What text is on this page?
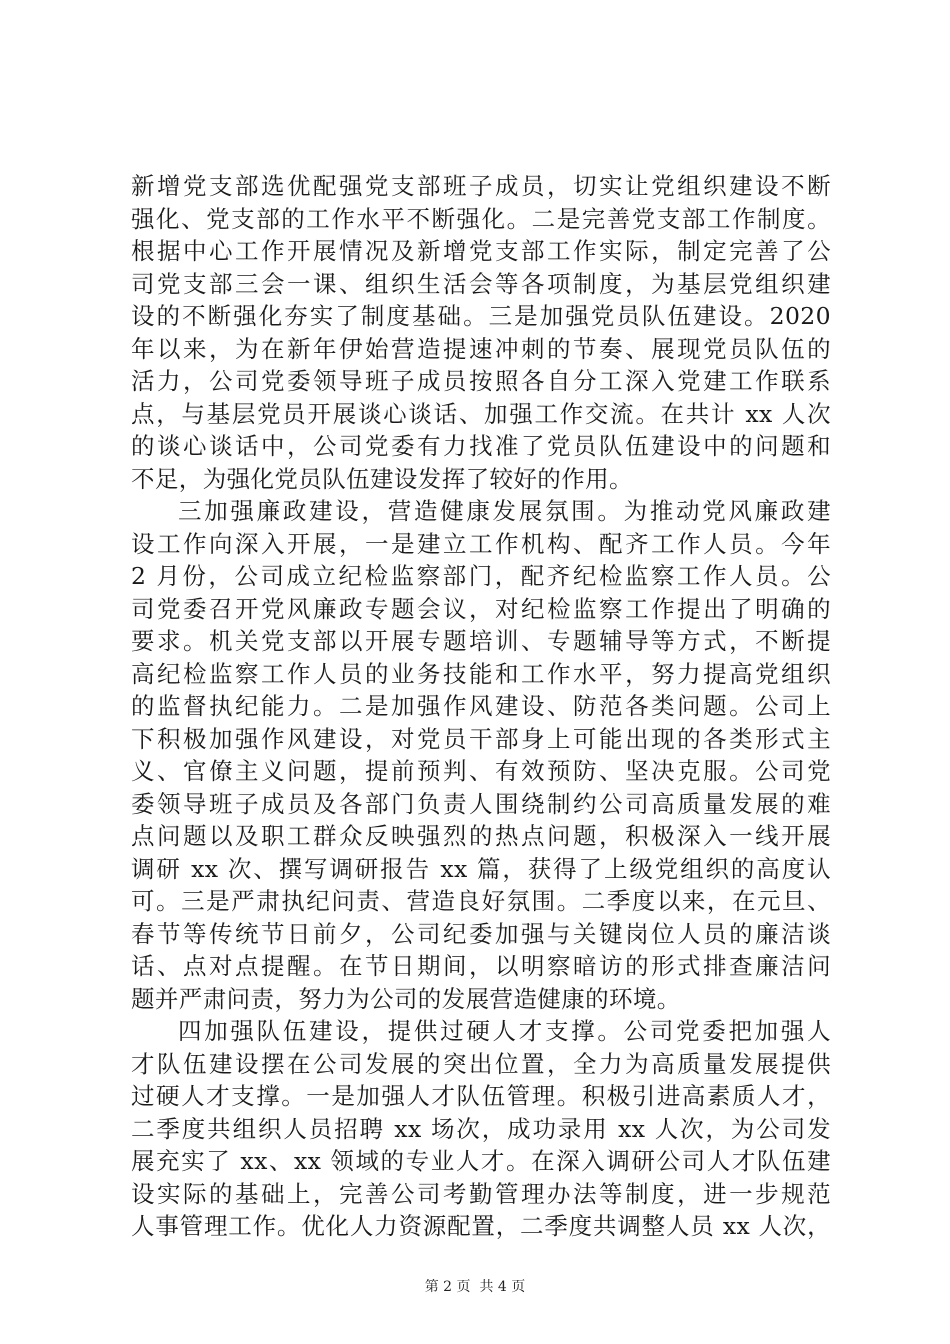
新增党支部选优配强党支部班子成员，切实让党组织建设不断
强化、党支部的工作水平不断强化。二是完善党支部工作制度。
根据中心工作开展情况及新增党支部工作实际，制定完善了公
司党支部三会一课、组织生活会等各项制度，为基层党组织建
设的不断强化夯实了制度基础。三是加强党员队伍建设。2020
年以来，为在新年伊始营造提速冲刺的节奏、展现党员队伍的
活力，公司党委领导班子成员按照各自分工深入党建工作联系
点，与基层党员开展谈心谈话、加强工作交流。在共计 xx 人次
的谈心谈话中，公司党委有力找准了党员队伍建设中的问题和
不足，为强化党员队伍建设发挥了较好的作用。
三加强廉政建设，营造健康发展氛围。为推动党风廉政建
设工作向深入开展，一是建立工作机构、配齐工作人员。今年
2 月份，公司成立纪检监察部门，配齐纪检监察工作人员。公
司党委召开党风廉政专题会议，对纪检监察工作提出了明确的
要求。机关党支部以开展专题培训、专题辅导等方式，不断提
高纪检监察工作人员的业务技能和工作水平，努力提高党组织
的监督执纪能力。二是加强作风建设、防范各类问题。公司上
下积极加强作风建设，对党员干部身上可能出现的各类形式主
义、官僚主义问题，提前预判、有效预防、坚决克服。公司党
委领导班子成员及各部门负责人围绕制约公司高质量发展的难
点问题以及职工群众反映强烈的热点问题，积极深入一线开展
调研 xx 次、撰写调研报告 xx 篇，获得了上级党组织的高度认
可。三是严肃执纪问责、营造良好氛围。二季度以来，在元旦、
春节等传统节日前夕，公司纪委加强与关键岗位人员的廉洁谈
话、点对点提醒。在节日期间，以明察暗访的形式排查廉洁问
题并严肃问责，努力为公司的发展营造健康的环境。
四加强队伍建设，提供过硬人才支撑。公司党委把加强人
才队伍建设摆在公司发展的突出位置，全力为高质量发展提供
过硬人才支撑。一是加强人才队伍管理。积极引进高素质人才，
二季度共组织人员招聘 xx 场次，成功录用 xx 人次，为公司发
展充实了 xx、xx 领域的专业人才。在深入调研公司人才队伍建
设实际的基础上，完善公司考勤管理办法等制度，进一步规范
人事管理工作。优化人力资源配置，二季度共调整人员 xx 人次，
第 2 页 共 4 页
